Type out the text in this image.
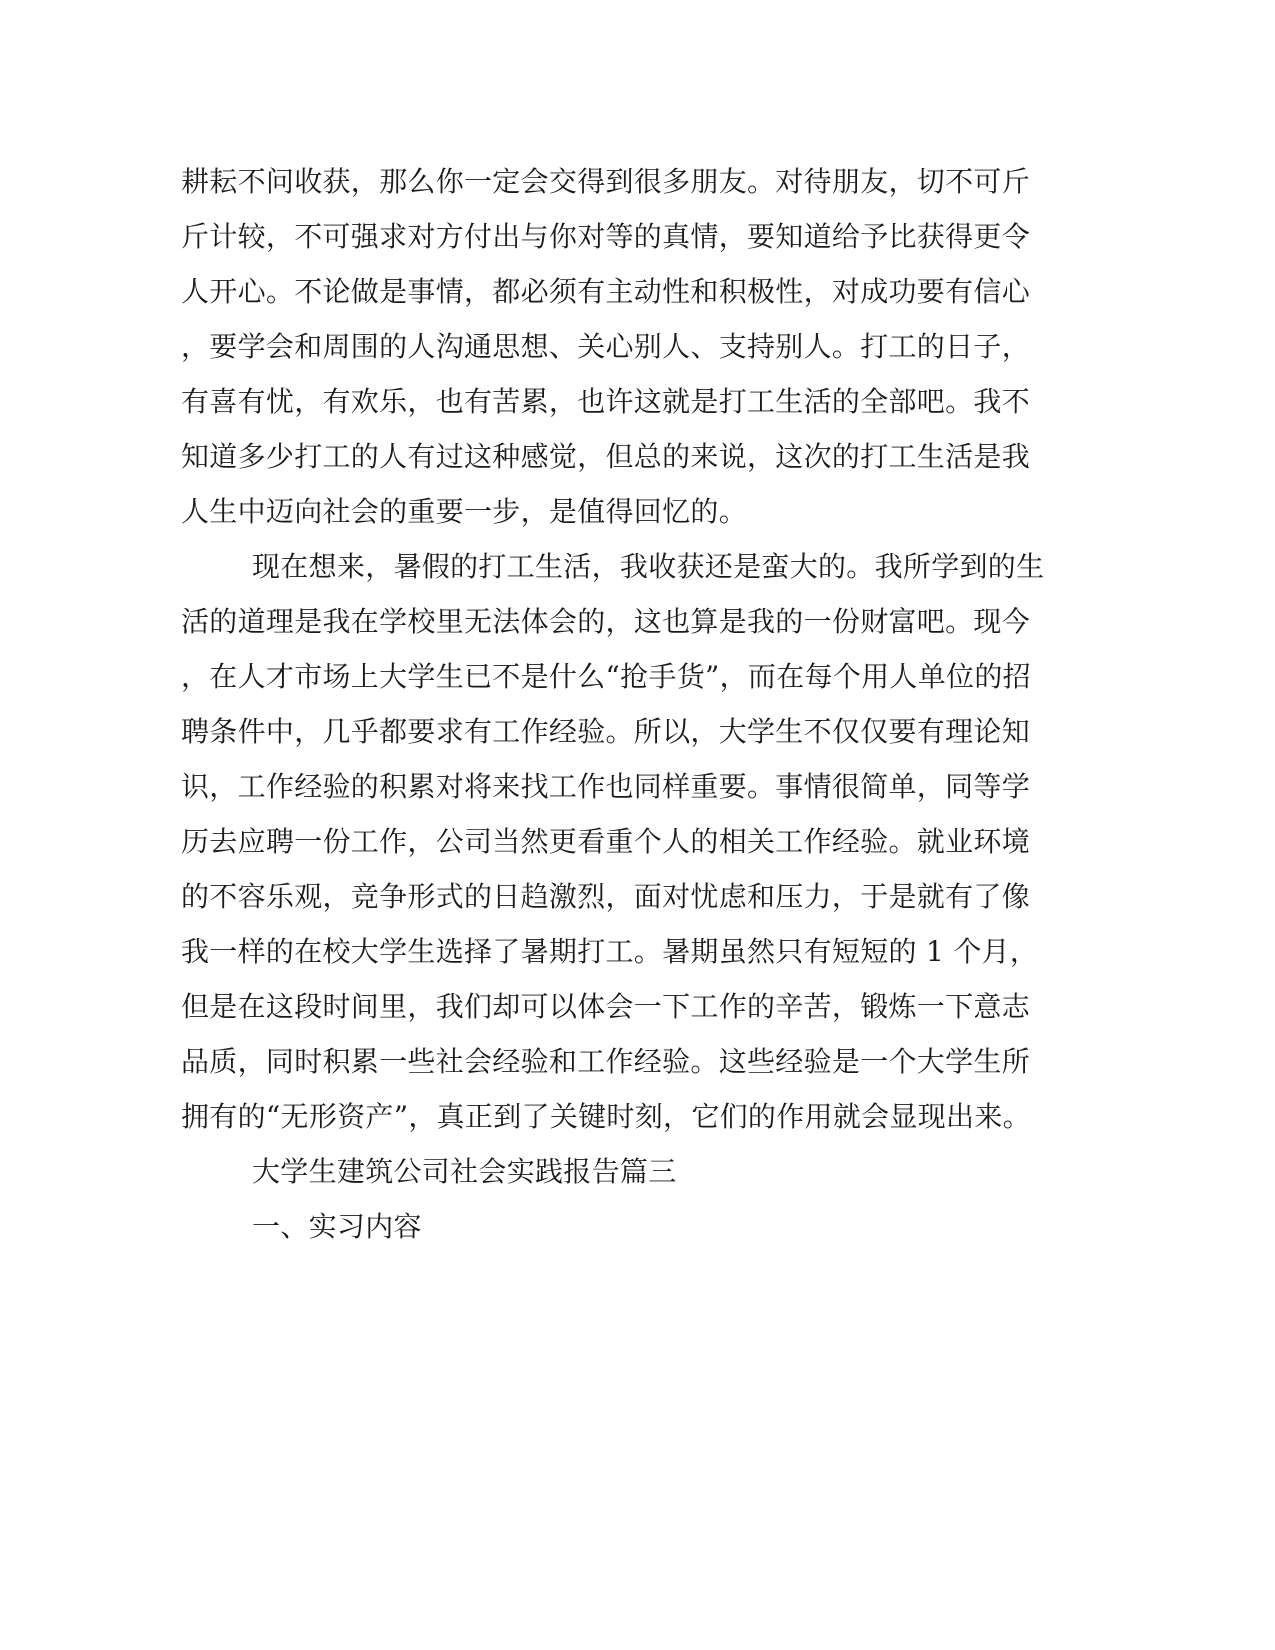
耕耘不问收获，那么你一定会交得到很多朋友。对待朋友，切不可斤

斤计较，不可强求对方付出与你对等的真情，要知道给予比获得更令

人开心。不论做是事情，都必须有主动性和积极性，对成功要有信心

，要学会和周围的人沟通思想、关心别人、支持别人。打工的日子，

有喜有忧，有欢乐，也有苦累，也许这就是打工生活的全部吧。我不

知道多少打工的人有过这种感觉，但总的来说，这次的打工生活是我

人生中迈向社会的重要一步，是值得回忆的。

现在想来，暑假的打工生活，我收获还是蛮大的。我所学到的生

活的道理是我在学校里无法体会的，这也算是我的一份财富吧。现今

，在人才市场上大学生已不是什么“抢手货”，而在每个用人单位的招

聘条件中，几乎都要求有工作经验。所以，大学生不仅仅要有理论知

识，工作经验的积累对将来找工作也同样重要。事情很简单，同等学

历去应聘一份工作，公司当然更看重个人的相关工作经验。就业环境

的不容乐观，竞争形式的日趋激烈，面对忧虑和压力，于是就有了像

我一样的在校大学生选择了暑期打工。暑期虽然只有短短的 1 个月，

但是在这段时间里，我们却可以体会一下工作的辛苦，锻炼一下意志

品质，同时积累一些社会经验和工作经验。这些经验是一个大学生所

拥有的“无形资产”，真正到了关键时刻，它们的作用就会显现出来。

大学生建筑公司社会实践报告篇三

一、实习内容
